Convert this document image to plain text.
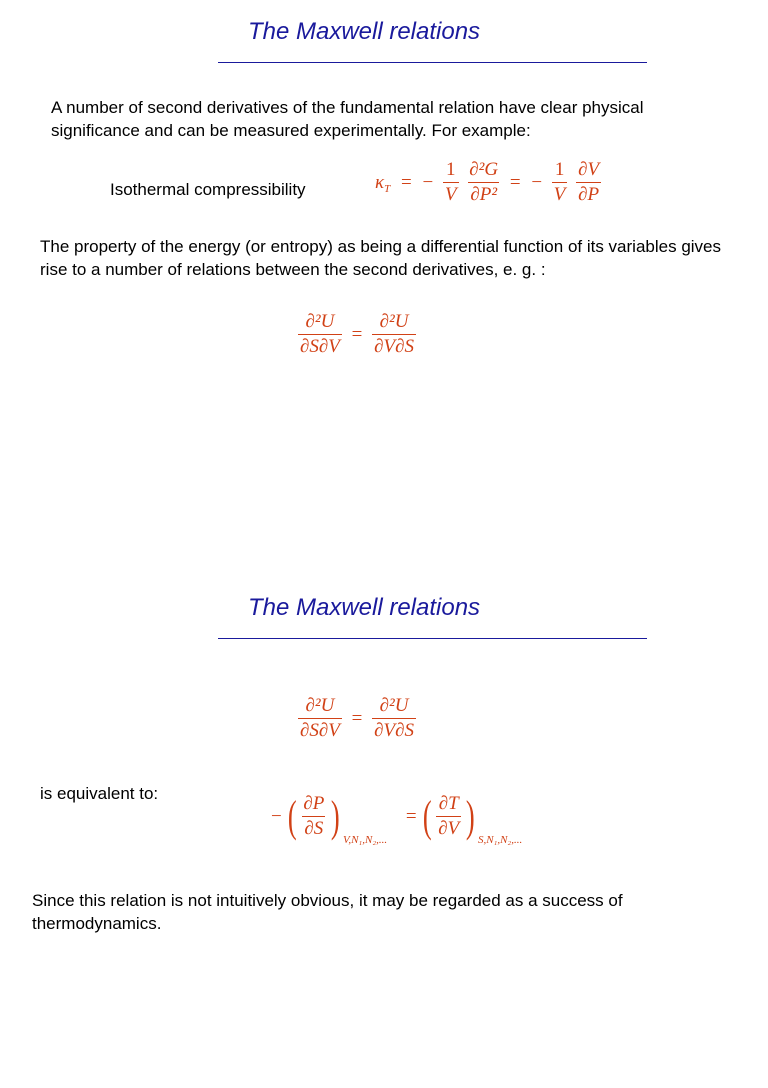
The Maxwell relations

A number of second derivatives of the fundamental relation have clear physical significance and can be measured experimentally. For example:

Isothermal compressibility	$\kappa_T$ = − $\frac{1}{V}$
$\frac{\text{∂²G}}{\text{∂P²}}$ = − $\frac{1}{V}$
$\frac{\partial V}{\partial P}$

The property of the energy (or entropy) as being a differential function of its variables gives rise to a number of relations between the second derivatives, e. g. :

$\frac{\text{∂²U}}{\partial S\partial V} = \frac{\text{∂²U}}{\partial V\partial S}$
The Maxwell relations
$\frac{\text{∂²U}}{\partial S\partial V} = \frac{\text{∂²U}}{\partial V\partial S}$
is equivalent to:
− ( $\frac{\partial P}{\partial S}$ ) V,N₁,N₂,... = ( $\frac{\partial T}{\partial V}$ ) S,N₁,N₂,...

Since this relation is not intuitively obvious, it may be regarded as a success of thermodynamics.
